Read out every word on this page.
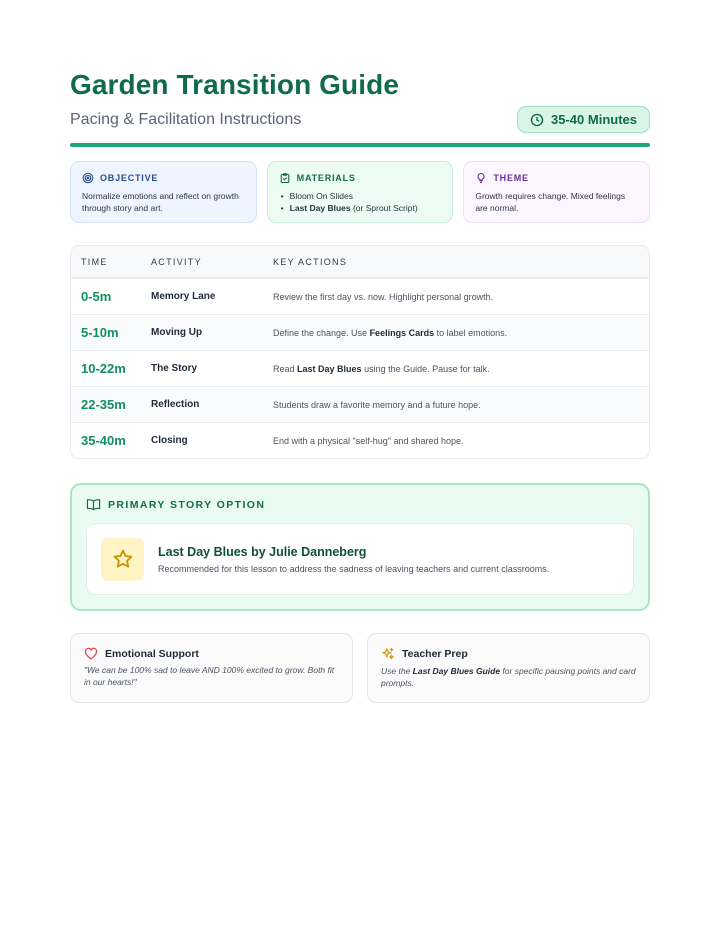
Garden Transition Guide
Pacing & Facilitation Instructions	35-40 Minutes
OBJECTIVE
Normalize emotions and reflect on growth through story and art.
MATERIALS
• Bloom On Slides
• Last Day Blues (or Sprout Script)
THEME
Growth requires change. Mixed feelings are normal.
TIME	ACTIVITY	KEY ACTIONS
0-5m	Memory Lane	Review the first day vs. now. Highlight personal growth.
5-10m	Moving Up	Define the change. Use Feelings Cards to label emotions.
10-22m	The Story	Read Last Day Blues using the Guide. Pause for talk.
22-35m	Reflection	Students draw a favorite memory and a future hope.
35-40m	Closing	End with a physical "self-hug" and shared hope.
PRIMARY STORY OPTION
Last Day Blues by Julie Danneberg
Recommended for this lesson to address the sadness of leaving teachers and current classrooms.
Emotional Support
"We can be 100% sad to leave AND 100% excited to grow. Both fit in our hearts!"
Teacher Prep
Use the Last Day Blues Guide for specific pausing points and card prompts.
